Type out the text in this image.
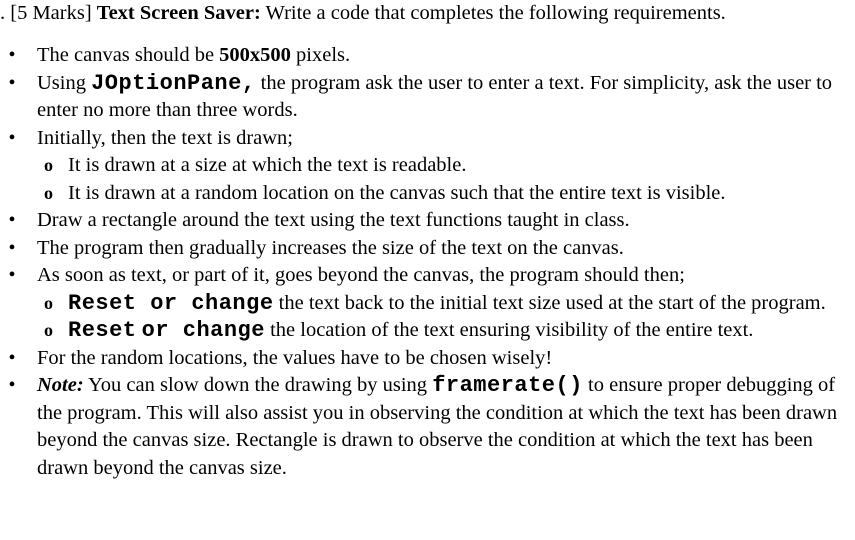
. [5 Marks] Text Screen Saver: Write a code that completes the following requirements.
•	The canvas should be 500x500 pixels.
•	Using JOptionPane, the program ask the user to enter a text. For simplicity, ask the user to enter no more than three words.
•	Initially, then the text is drawn;
o It is drawn at a size at which the text is readable.
o It is drawn at a random location on the canvas such that the entire text is visible.
•	Draw a rectangle around the text using the text functions taught in class.
•	The program then gradually increases the size of the text on the canvas.
•	As soon as text, or part of it, goes beyond the canvas, the program should then;
o Reset or change the text back to the initial text size used at the start of the program.
o Reset or change the location of the text ensuring visibility of the entire text.
•	For the random locations, the values have to be chosen wisely!
•	Note: You can slow down the drawing by using framerate() to ensure proper debugging of the program. This will also assist you in observing the condition at which the text has been drawn beyond the canvas size. Rectangle is drawn to observe the condition at which the text has been drawn beyond the canvas size.
